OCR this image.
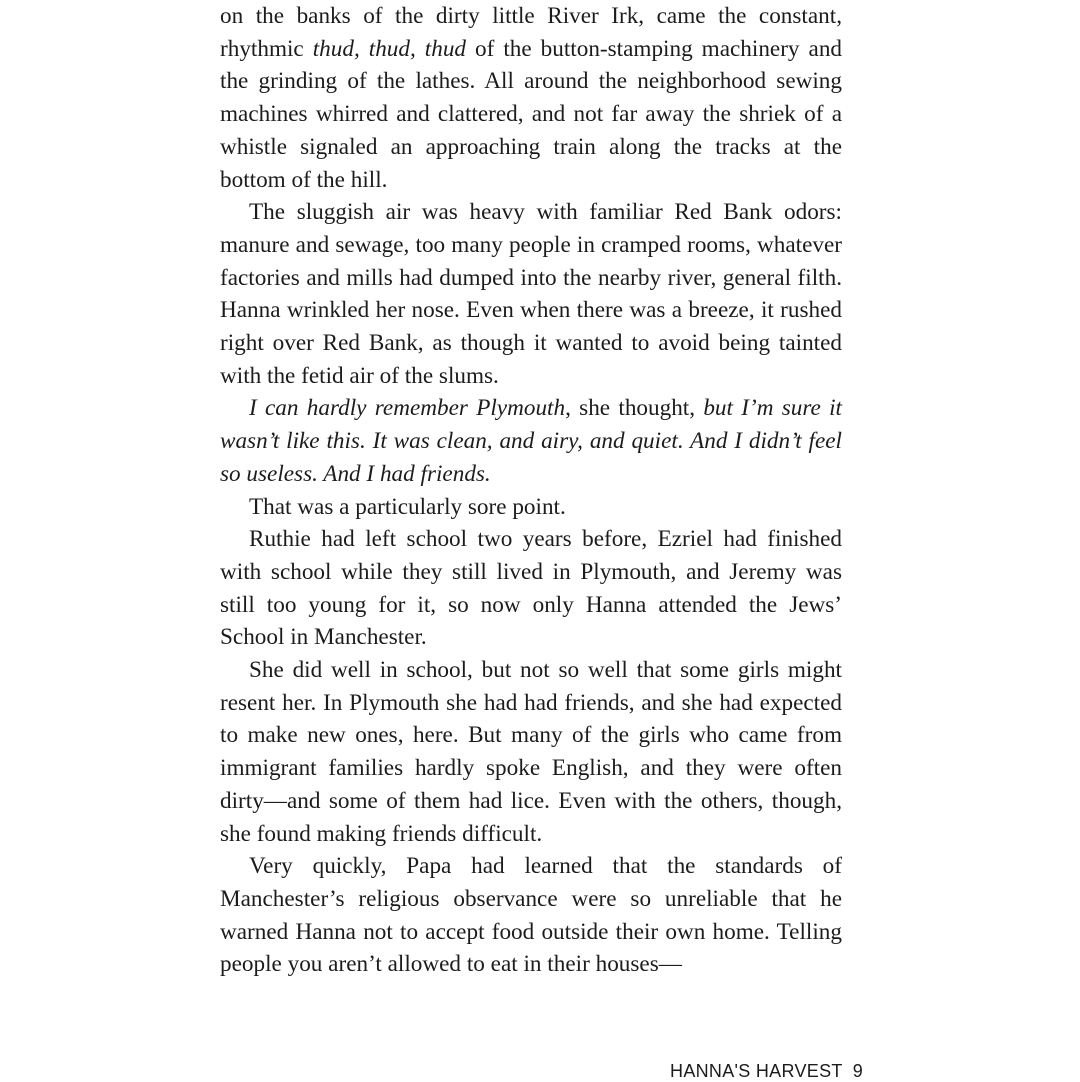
on the banks of the dirty little River Irk, came the constant, rhythmic thud, thud, thud of the button-stamping machinery and the grinding of the lathes. All around the neighborhood sewing machines whirred and clattered, and not far away the shriek of a whistle signaled an approaching train along the tracks at the bottom of the hill.

The sluggish air was heavy with familiar Red Bank odors: manure and sewage, too many people in cramped rooms, whatever factories and mills had dumped into the nearby river, general filth. Hanna wrinkled her nose. Even when there was a breeze, it rushed right over Red Bank, as though it wanted to avoid being tainted with the fetid air of the slums.

I can hardly remember Plymouth, she thought, but I’m sure it wasn’t like this. It was clean, and airy, and quiet. And I didn’t feel so useless. And I had friends.

That was a particularly sore point.

Ruthie had left school two years before, Ezriel had finished with school while they still lived in Plymouth, and Jeremy was still too young for it, so now only Hanna attended the Jews’ School in Manchester.

She did well in school, but not so well that some girls might resent her. In Plymouth she had had friends, and she had expected to make new ones, here. But many of the girls who came from immigrant families hardly spoke English, and they were often dirty—and some of them had lice. Even with the others, though, she found making friends difficult.

Very quickly, Papa had learned that the standards of Manchester’s religious observance were so unreliable that he warned Hanna not to accept food outside their own home. Telling people you aren’t allowed to eat in their houses—

HANNA'S HARVEST 9
